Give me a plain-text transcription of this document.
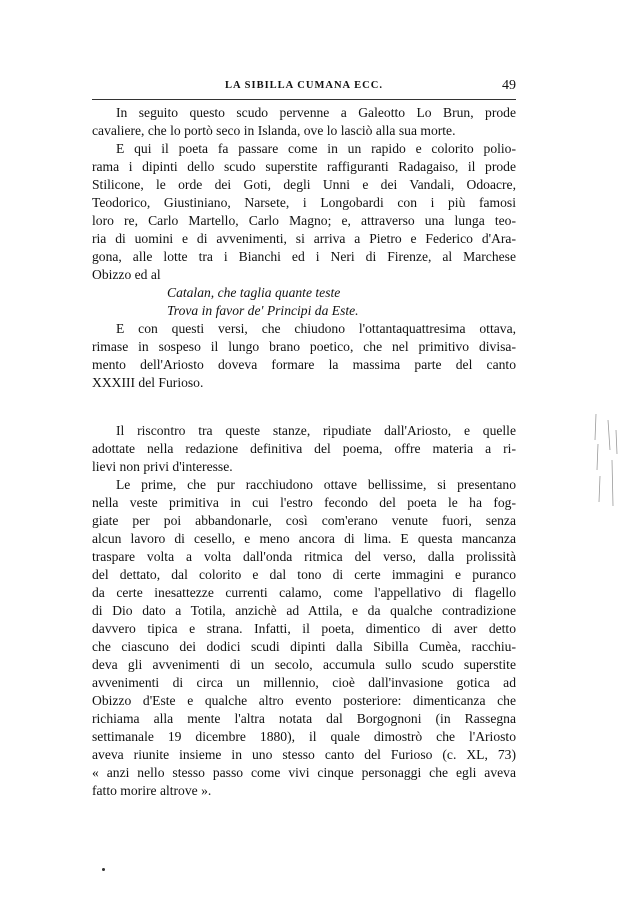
LA SIBILLA CUMANA ECC.	49
In seguito questo scudo pervenne a Galeotto Lo Brun, prode
cavaliere, che lo portò seco in Islanda, ove lo lasciò alla sua morte.
E qui il poeta fa passare come in un rapido e colorito polio-
rama i dipinti dello scudo superstite raffiguranti Radagaiso, il prode
Stilicone, le orde dei Goti, degli Unni e dei Vandali, Odoacre,
Teodorico, Giustiniano, Narsete, i Longobardi con i più famosi
loro re, Carlo Martello, Carlo Magno; e, attraverso una lunga teo-
ria di uomini e di avvenimenti, si arriva a Pietro e Federico d'Ara-
gona, alle lotte tra i Bianchi ed i Neri di Firenze, al Marchese
Obizzo ed al
Catalan, che taglia quante teste
Trova in favor de' Principi da Este.
E con questi versi, che chiudono l'ottantaquattresima ottava,
rimase in sospeso il lungo brano poetico, che nel primitivo divisa-
mento dell'Ariosto doveva formare la massima parte del canto
XXXIII del Furioso.
Il riscontro tra queste stanze, ripudiate dall'Ariosto, e quelle
adottate nella redazione definitiva del poema, offre materia a ri-
lievi non privi d'interesse.
Le prime, che pur racchiudono ottave bellissime, si presentano
nella veste primitiva in cui l'estro fecondo del poeta le ha fog-
giate per poi abbandonarle, così com'erano venute fuori, senza
alcun lavoro di cesello, e meno ancora di lima. E questa mancanza
traspare volta a volta dall'onda ritmica del verso, dalla prolissità
del dettato, dal colorito e dal tono di certe immagini e puranco
da certe inesattezze currenti calamo, come l'appellativo di flagello
di Dio dato a Totila, anzichè ad Attila, e da qualche contradizione
davvero tipica e strana. Infatti, il poeta, dimentico di aver detto
che ciascuno dei dodici scudi dipinti dalla Sibilla Cumèa, racchiu-
deva gli avvenimenti di un secolo, accumula sullo scudo superstite
avvenimenti di circa un millennio, cioè dall'invasione gotica ad
Obizzo d'Este e qualche altro evento posteriore: dimenticanza che
richiama alla mente l'altra notata dal Borgognoni (in Rassegna
settimanale 19 dicembre 1880), il quale dimostrò che l'Ariosto
aveva riunite insieme in uno stesso canto del Furioso (c. XL, 73)
« anzi nello stesso passo come vivi cinque personaggi che egli aveva
fatto morire altrove ».
